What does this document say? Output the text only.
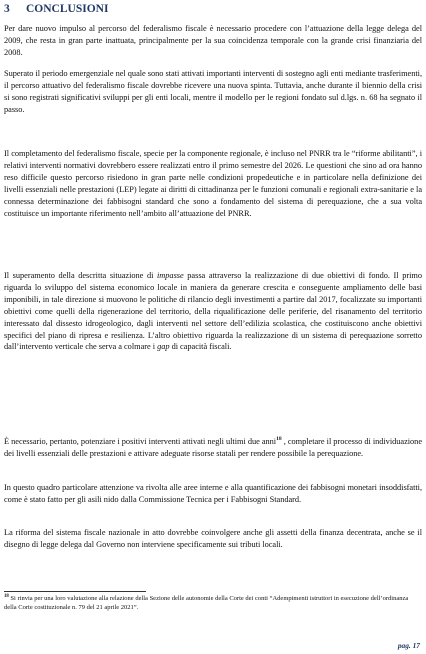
3 CONCLUSIONI

Per dare nuovo impulso al percorso del federalismo fiscale è necessario procedere con l’attuazione della legge delega del 2009, che resta in gran parte inattuata, principalmente per la sua coincidenza temporale con la grande crisi finanziaria del 2008.

Superato il periodo emergenziale nel quale sono stati attivati importanti interventi di sostegno agli enti mediante trasferimenti, il percorso attuativo del federalismo fiscale dovrebbe ricevere una nuova spinta. Tuttavia, anche durante il biennio della crisi si sono registrati significativi sviluppi per gli enti locali, mentre il modello per le regioni fondato sul d.lgs. n. 68 ha segnato il passo.

Il completamento del federalismo fiscale, specie per la componente regionale, è incluso nel PNRR tra le “riforme abilitanti”, i relativi interventi normativi dovrebbero essere realizzati entro il primo semestre del 2026. Le questioni che sino ad ora hanno reso difficile questo percorso risiedono in gran parte nelle condizioni propedeutiche e in particolare nella definizione dei livelli essenziali nelle prestazioni (LEP) legate ai diritti di cittadinanza per le funzioni comunali e regionali extra-sanitarie e la connessa determinazione dei fabbisogni standard che sono a fondamento del sistema di perequazione, che a sua volta costituisce un importante riferimento nell’ambito all’attuazione del PNRR.

Il superamento della descritta situazione di impasse passa attraverso la realizzazione di due obiettivi di fondo. Il primo riguarda lo sviluppo del sistema economico locale in maniera da generare crescita e conseguente ampliamento delle basi imponibili, in tale direzione si muovono le politiche di rilancio degli investimenti a partire dal 2017, focalizzate su importanti obiettivi come quelli della rigenerazione del territorio, della riqualificazione delle periferie, del risanamento del territorio interessato dal dissesto idrogeologico, dagli interventi nel settore dell’edilizia scolastica, che costituiscono anche obiettivi specifici del piano di ripresa e resilienza. L’altro obiettivo riguarda la realizzazione di un sistema di perequazione sorretto dall’intervento verticale che serva a colmare i gap di capacità fiscali.

È necessario, pertanto, potenziare i positivi interventi attivati negli ultimi due anni$^{18}$ , completare il processo di individuazione dei livelli essenziali delle prestazioni e attivare adeguate risorse statali per rendere possibile la perequazione.

In questo quadro particolare attenzione va rivolta alle aree interne e alla quantificazione dei fabbisogni monetari insoddisfatti, come è stato fatto per gli asili nido dalla Commissione Tecnica per i Fabbisogni Standard.

La riforma del sistema fiscale nazionale in atto dovrebbe coinvolgere anche gli assetti della finanza decentrata, anche se il disegno di legge delega dal Governo non interviene specificamente sui tributi locali.

$^{18}$ Si rinvia per una loro valutazione alla relazione della Sezione delle autonomie della Corte dei conti “Adempimenti istruttori in esecuzione dell’ordinanza della Corte costituzionale n. 79 del 21 aprile 2021”.

pag. 17
